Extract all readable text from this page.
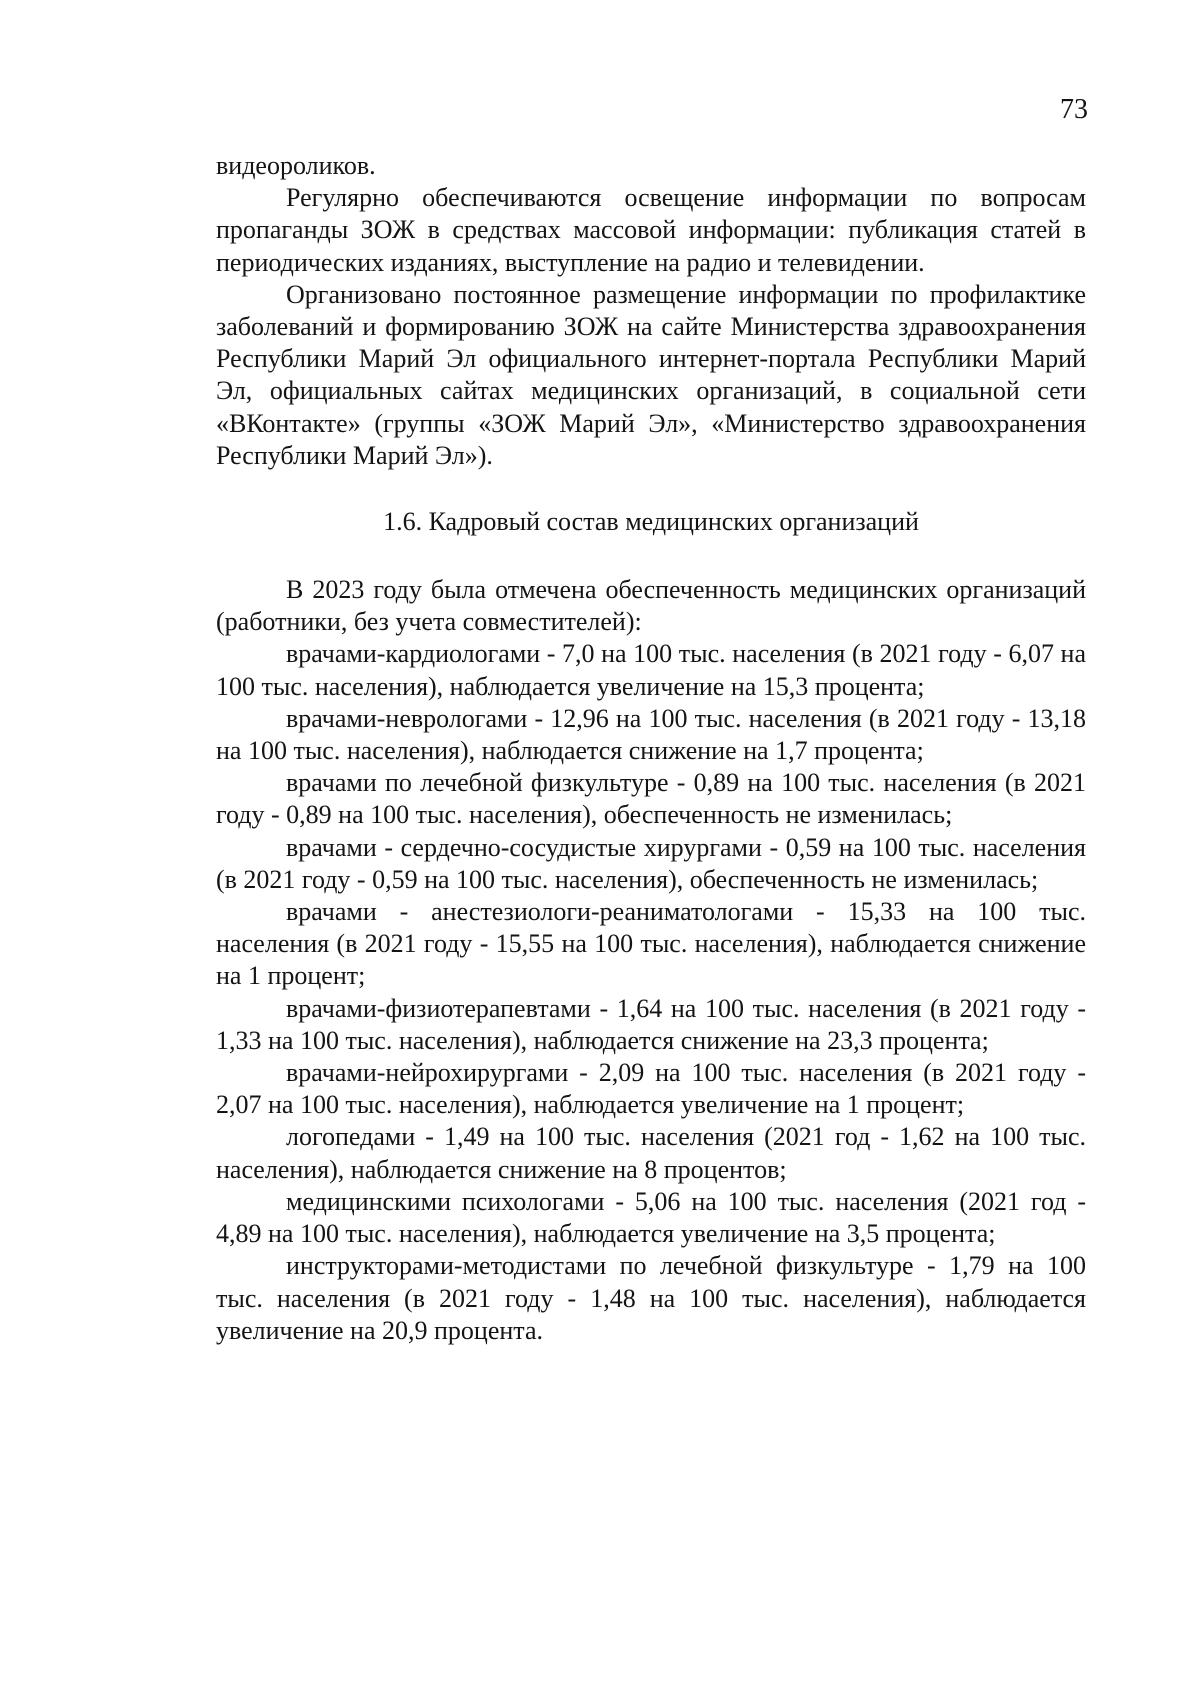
73

видеороликов.

Регулярно обеспечиваются освещение информации по вопросам пропаганды ЗОЖ в средствах массовой информации: публикация статей в периодических изданиях, выступление на радио и телевидении.

Организовано постоянное размещение информации по профилактике заболеваний и формированию ЗОЖ на сайте Министерства здравоохранения Республики Марий Эл официального интернет-портала Республики Марий Эл, официальных сайтах медицинских организаций, в социальной сети «ВКонтакте» (группы «ЗОЖ Марий Эл», «Министерство здравоохранения Республики Марий Эл»).

1.6. Кадровый состав медицинских организаций

В 2023 году была отмечена обеспеченность медицинских организаций (работники, без учета совместителей):

врачами-кардиологами - 7,0 на 100 тыс. населения (в 2021 году - 6,07 на 100 тыс. населения), наблюдается увеличение на 15,3 процента;

врачами-неврологами - 12,96 на 100 тыс. населения (в 2021 году - 13,18 на 100 тыс. населения), наблюдается снижение на 1,7 процента;

врачами по лечебной физкультуре - 0,89 на 100 тыс. населения (в 2021 году - 0,89 на 100 тыс. населения), обеспеченность не изменилась;

врачами - сердечно-сосудистые хирургами - 0,59 на 100 тыс. населения (в 2021 году - 0,59 на 100 тыс. населения), обеспеченность не изменилась;

врачами - анестезиологи-реаниматологами - 15,33 на 100 тыс. населения (в 2021 году - 15,55 на 100 тыс. населения), наблюдается снижение на 1 процент;

врачами-физиотерапевтами - 1,64 на 100 тыс. населения (в 2021 году - 1,33 на 100 тыс. населения), наблюдается снижение на 23,3 процента;

врачами-нейрохирургами - 2,09 на 100 тыс. населения (в 2021 году - 2,07 на 100 тыс. населения), наблюдается увеличение на 1 процент;

логопедами - 1,49 на 100 тыс. населения (2021 год - 1,62 на 100 тыс. населения), наблюдается снижение на 8 процентов;

медицинскими психологами - 5,06 на 100 тыс. населения (2021 год - 4,89 на 100 тыс. населения), наблюдается увеличение на 3,5 процента;

инструкторами-методистами по лечебной физкультуре - 1,79 на 100 тыс. населения (в 2021 году - 1,48 на 100 тыс. населения), наблюдается увеличение на 20,9 процента.
